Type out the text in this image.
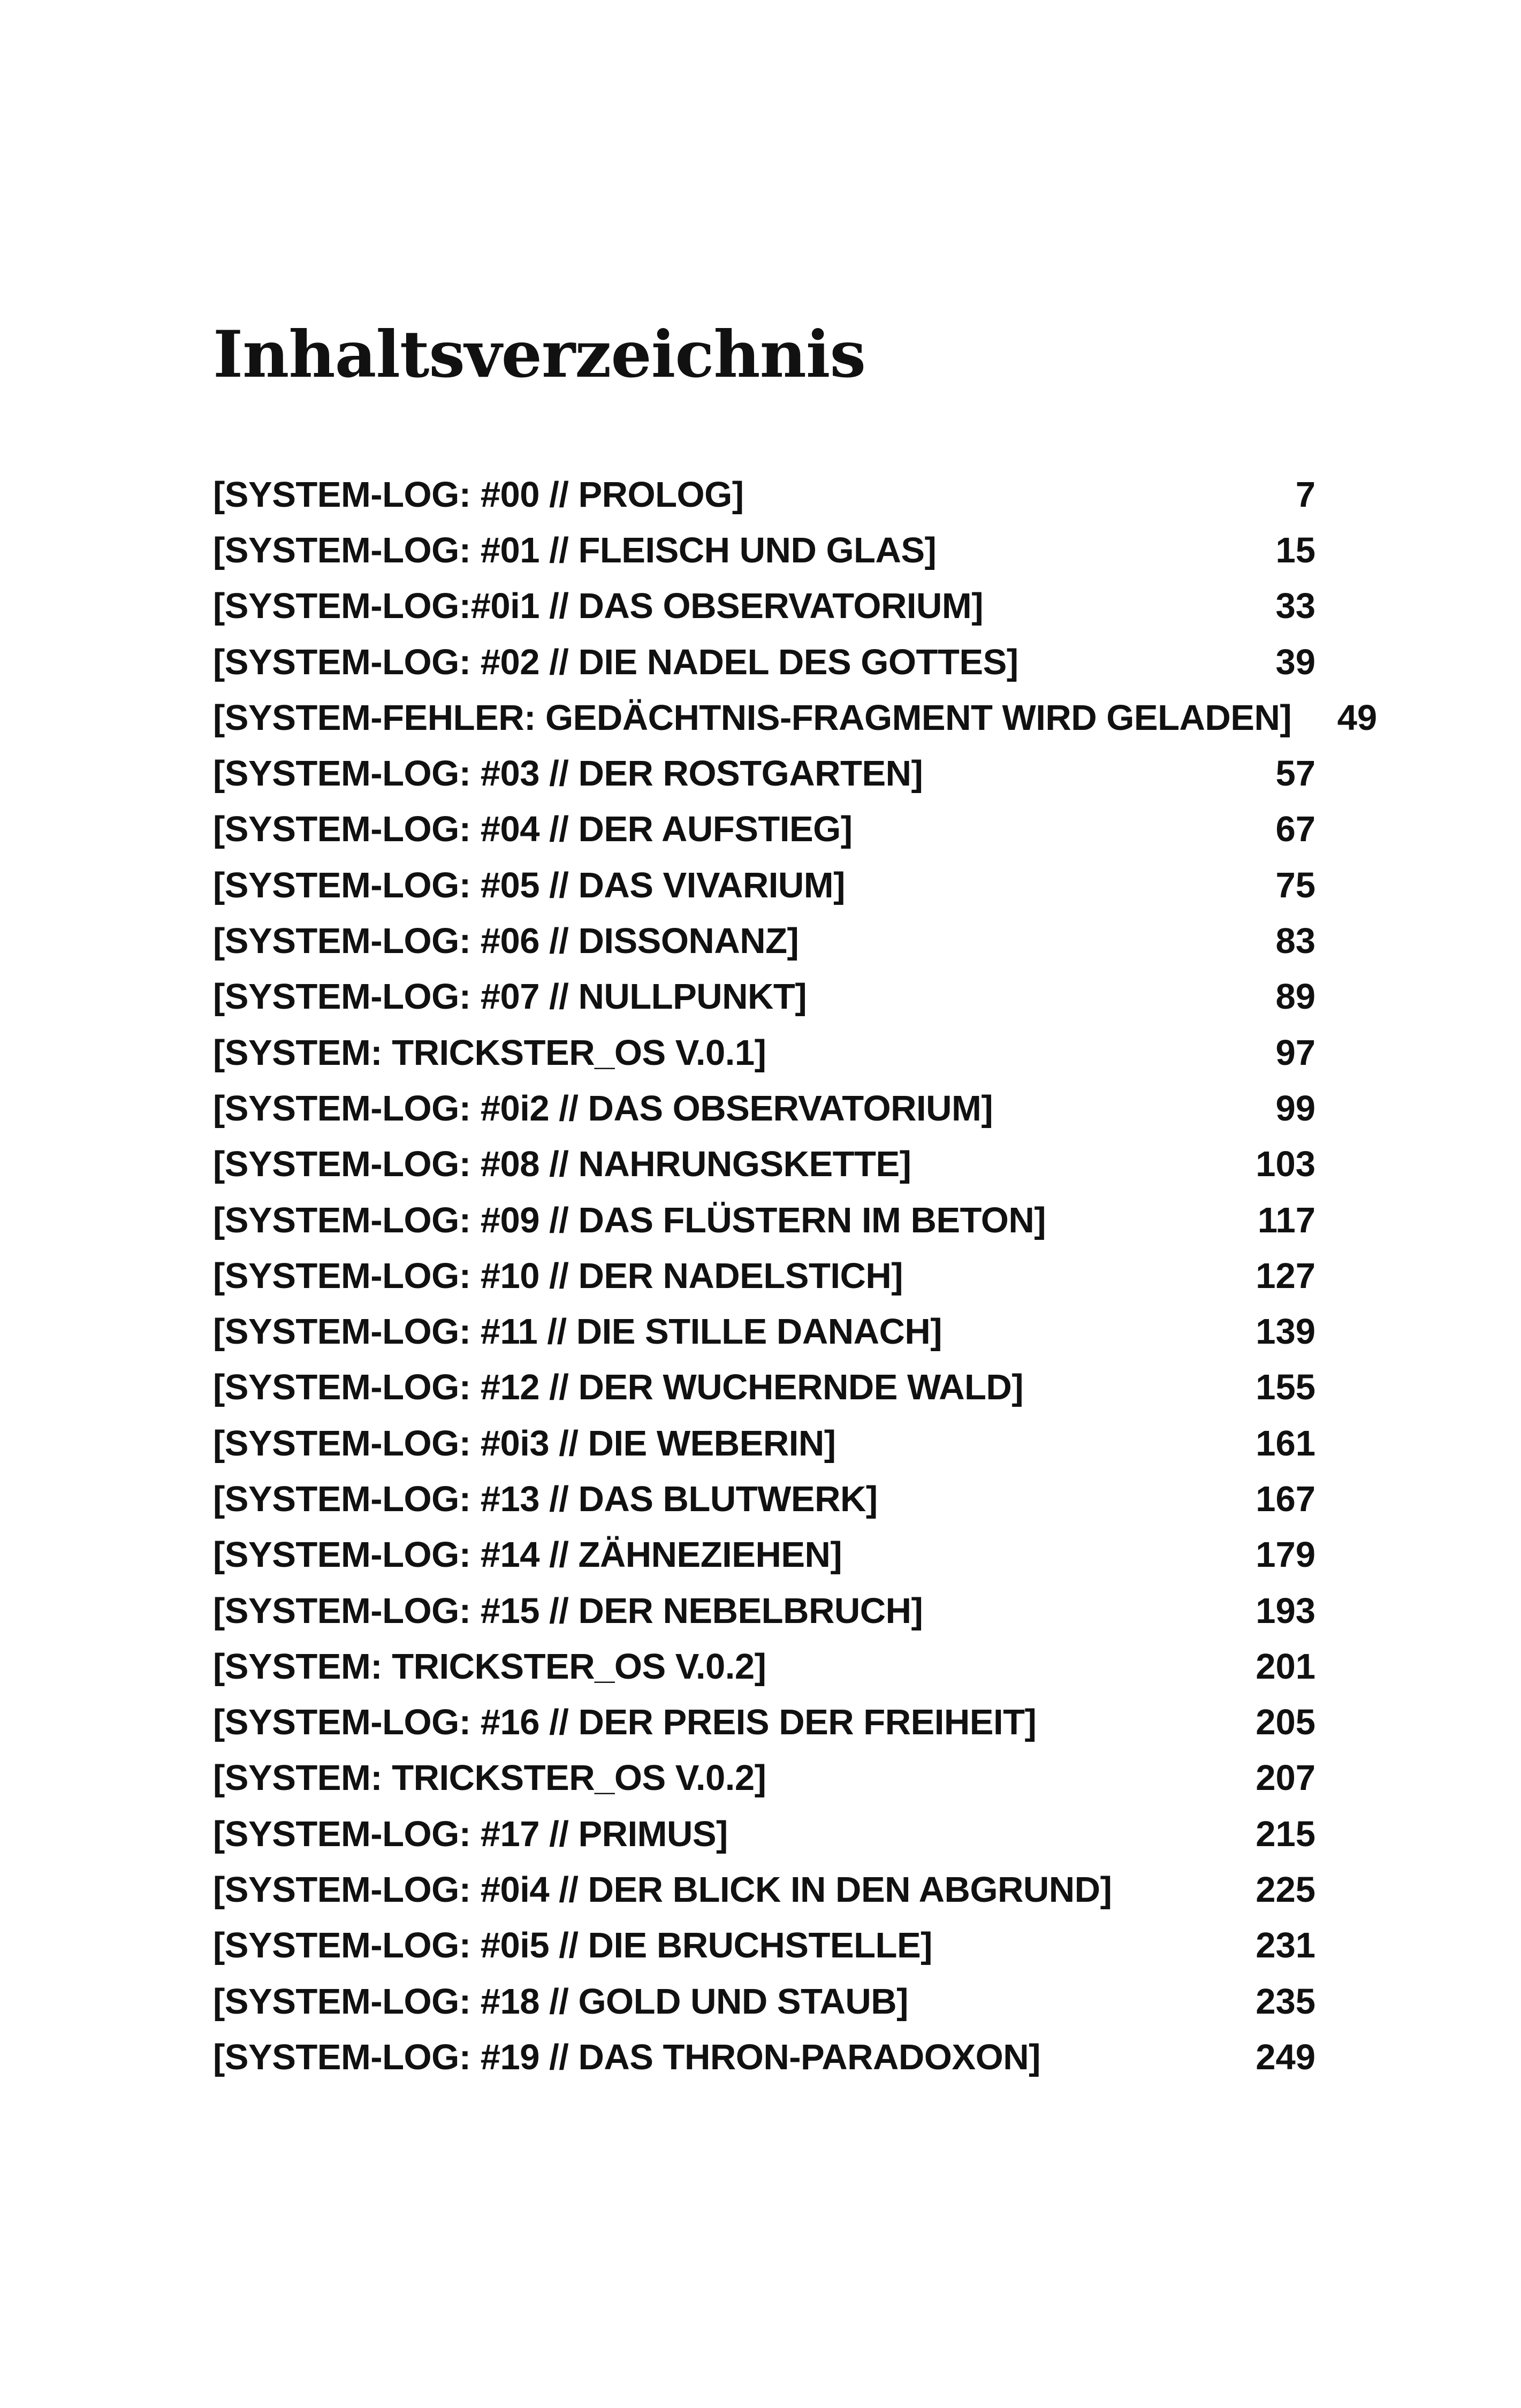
Inhaltsverzeichnis
[SYSTEM-LOG: #00 // PROLOG]	7
[SYSTEM-LOG: #01 // FLEISCH UND GLAS]	15
[SYSTEM-LOG:#0i1 // DAS OBSERVATORIUM]	33
[SYSTEM-LOG: #02 // DIE NADEL DES GOTTES]	39
[SYSTEM-FEHLER: GEDÄCHTNIS-FRAGMENT WIRD GELADEN]	49
[SYSTEM-LOG: #03 // DER ROSTGARTEN]	57
[SYSTEM-LOG: #04 // DER AUFSTIEG]	67
[SYSTEM-LOG: #05 // DAS VIVARIUM]	75
[SYSTEM-LOG: #06 // DISSONANZ]	83
[SYSTEM-LOG: #07 // NULLPUNKT]	89
[SYSTEM: TRICKSTER_OS V.0.1]	97
[SYSTEM-LOG: #0i2 // DAS OBSERVATORIUM]	99
[SYSTEM-LOG: #08 // NAHRUNGSKETTE]	103
[SYSTEM-LOG: #09 // DAS FLÜSTERN IM BETON]	117
[SYSTEM-LOG: #10 // DER NADELSTICH]	127
[SYSTEM-LOG: #11 // DIE STILLE DANACH]	139
[SYSTEM-LOG: #12 // DER WUCHERNDE WALD]	155
[SYSTEM-LOG: #0i3 // DIE WEBERIN]	161
[SYSTEM-LOG: #13 // DAS BLUTWERK]	167
[SYSTEM-LOG: #14 // ZÄHNEZIEHEN]	179
[SYSTEM-LOG: #15 // DER NEBELBRUCH]	193
[SYSTEM: TRICKSTER_OS V.0.2]	201
[SYSTEM-LOG: #16 // DER PREIS DER FREIHEIT]	205
[SYSTEM: TRICKSTER_OS V.0.2]	207
[SYSTEM-LOG: #17 // PRIMUS]	215
[SYSTEM-LOG: #0i4 // DER BLICK IN DEN ABGRUND]	225
[SYSTEM-LOG: #0i5 // DIE BRUCHSTELLE]	231
[SYSTEM-LOG: #18 // GOLD UND STAUB]	235
[SYSTEM-LOG: #19 // DAS THRON-PARADOXON]	249
